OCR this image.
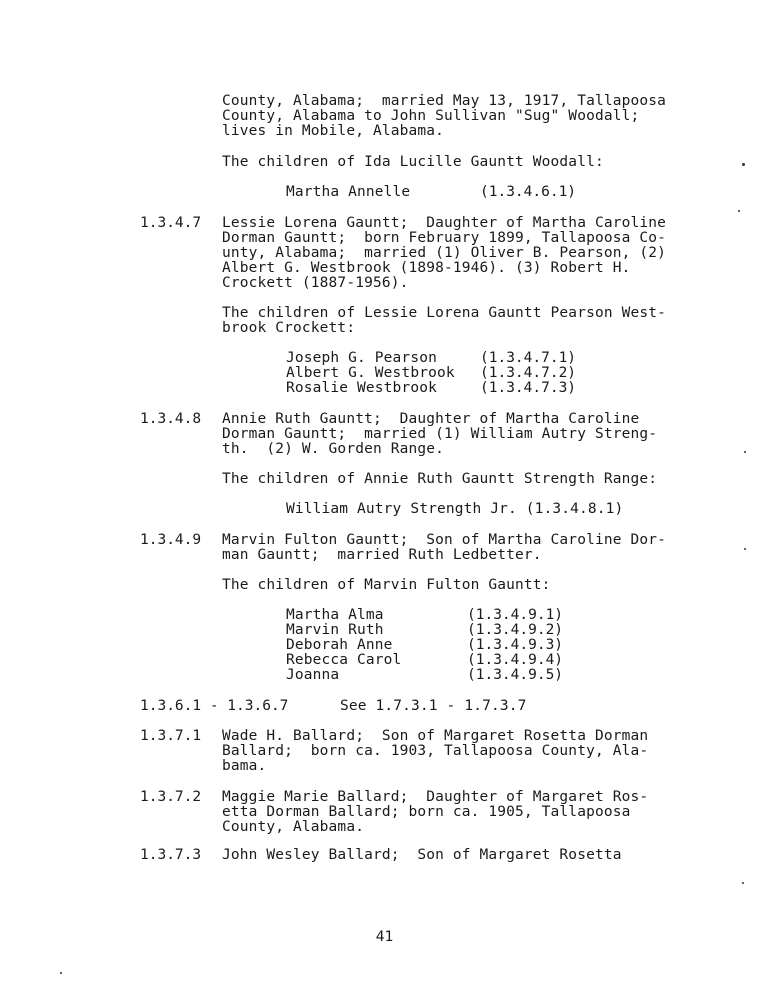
County, Alabama;  married May 13, 1917, Tallapoosa
County, Alabama to John Sullivan "Sug" Woodall;
lives in Mobile, Alabama.
The children of Ida Lucille Gauntt Woodall:
Martha Annelle	(1.3.4.6.1)
1.3.4.7 Lessie Lorena Gauntt;  Daughter of Martha Caroline
Dorman Gauntt;  born February 1899, Tallapoosa Co-
unty, Alabama;  married (1) Oliver B. Pearson, (2)
Albert G. Westbrook (1898-1946). (3) Robert H.
Crockett (1887-1956).
The children of Lessie Lorena Gauntt Pearson West-
brook Crockett:
Joseph G. Pearson	(1.3.4.7.1)
Albert G. Westbrook (1.3.4.7.2)
Rosalie Westbrook	(1.3.4.7.3)
1.3.4.8 Annie Ruth Gauntt;  Daughter of Martha Caroline
Dorman Gauntt;  married (1) William Autry Streng-
th.  (2) W. Gorden Range.
The children of Annie Ruth Gauntt Strength Range:
William Autry Strength Jr. (1.3.4.8.1)
1.3.4.9 Marvin Fulton Gauntt;  Son of Martha Caroline Dor-
man Gauntt;  married Ruth Ledbetter.
The children of Marvin Fulton Gauntt:
Martha Alma	(1.3.4.9.1)
Marvin Ruth	(1.3.4.9.2)
Deborah Anne	(1.3.4.9.3)
Rebecca Carol	(1.3.4.9.4)
Joanna	(1.3.4.9.5)
1.3.6.1 - 1.3.6.7	See 1.7.3.1 - 1.7.3.7
1.3.7.1 Wade H. Ballard;  Son of Margaret Rosetta Dorman
Ballard;  born ca. 1903, Tallapoosa County, Ala-
bama.
1.3.7.2 Maggie Marie Ballard;  Daughter of Margaret Ros-
etta Dorman Ballard; born ca. 1905, Tallapoosa
County, Alabama.
1.3.7.3 John Wesley Ballard;  Son of Margaret Rosetta
41
